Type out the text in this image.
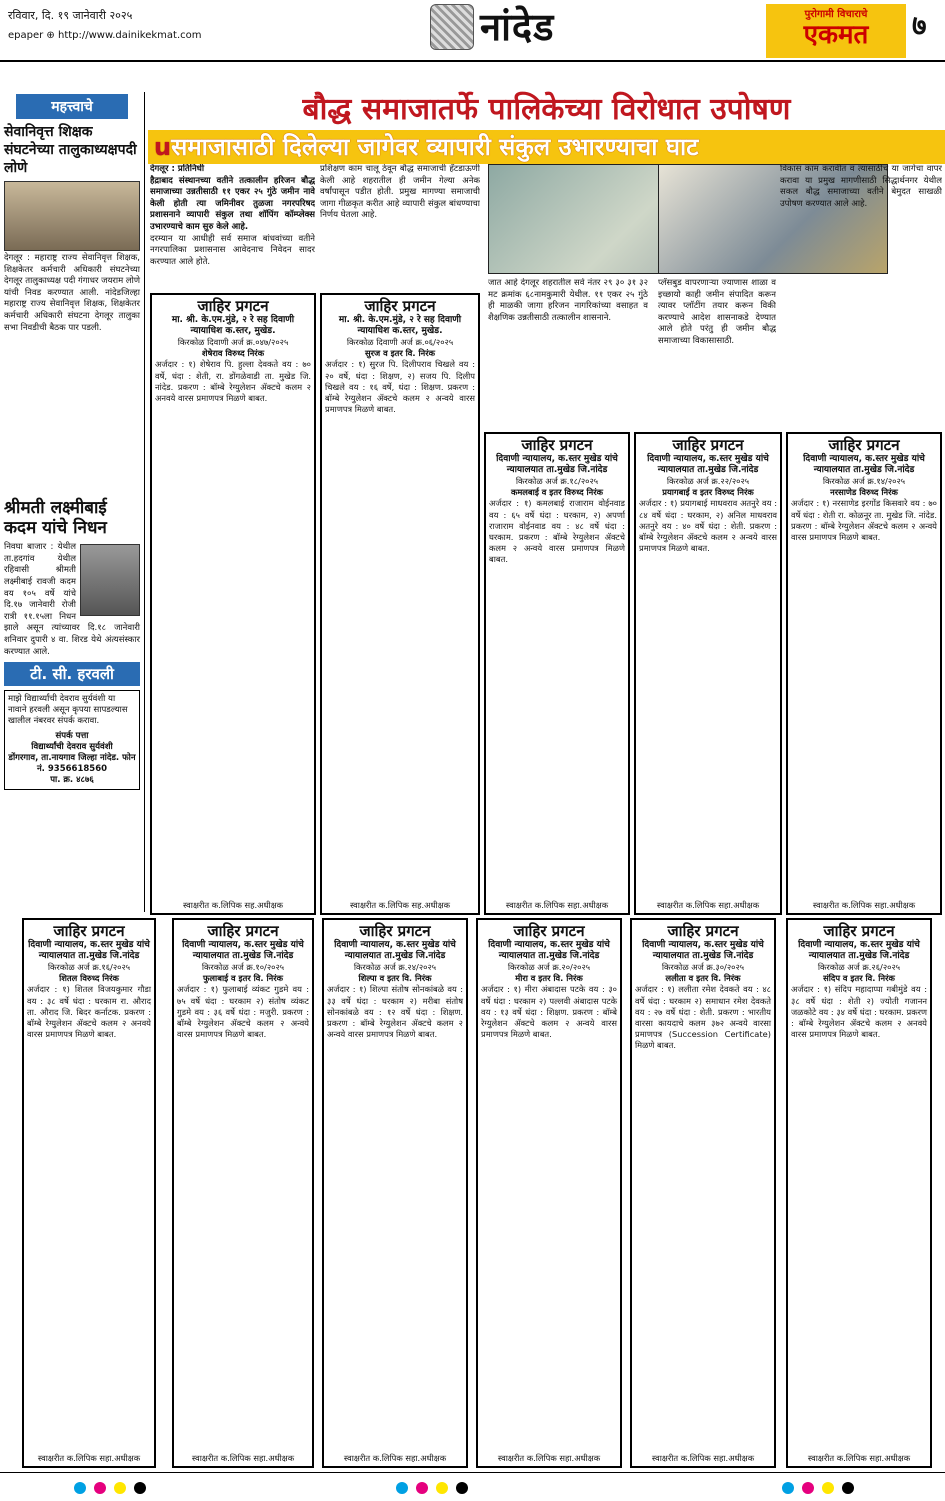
रविवार, दि. १९ जानेवारी २०२५
epaper ⊕ http://www.dainikekmat.com	नांदेड	पुरोगामी विचाराचे
एकमत	७
महत्त्वाचे
सेवानिवृत्त शिक्षक संघटनेच्या तालुकाध्यक्षपदी लोणे
देगलूर : महाराष्ट्र राज्य सेवानिवृत्त शिक्षक, शिक्षकेतर कर्मचारी अधिकारी संघटनेच्या देगलूर तालुकाध्यक्ष पदी गंगाधर जयराम लोणे यांची निवड करण्यात आली. नांदेडजिल्हा महाराष्ट्र राज्य सेवानिवृत्त शिक्षक, शिक्षकेतर कर्मचारी अधिकारी संघटना देगलूर तालुका सभा निवडीची बैठक पार पडली.
श्रीमती लक्ष्मीबाई कदम यांचे निधन
निवघा बाजार : येथील ता.हदगांव येथील रहिवासी श्रीमती लक्ष्मीबाई रावजी कदम वय १०५ वर्षे यांचे दि.१७ जानेवारी रोजी रात्री ११.१५ला निधन झाले असून त्यांच्यावर दि.१८ जानेवारी शनिवार दुपारी ४ वा. शिरड येथे अंत्यसंस्कार करण्यात आले.
टी. सी. हरवली
माझे विद्यार्थ्यांची देवराव सुर्यवंशी या नावाने हरवली असून कृपया सापडल्यास खालील नंबरवर संपर्क करावा.
संपर्क पत्ता
विद्यार्थ्यांची देवराव सुर्यवंशी
डोंगरगाव, ता.नायगाव जिल्हा नांदेड. फोन नं. 9356618560
पा. क्र. ४८७६
बौद्ध समाजातर्फे पालिकेच्या विरोधात उपोषण
uसमाजासाठी दिलेल्या जागेवर व्यापारी संकुल उभारण्याचा घाट
देगलूर : प्रतिनिधी
हैद्राबाद संस्थानच्या वतीने तत्कालीन हरिजन बौद्ध समाजाच्या उन्नतीसाठी ११ एकर २५ गुंठे जमीन नावे केली होती त्या जमिनीवर तुळजा नगरपरिषद प्रशासनाने व्यापारी संकुल तथा शॉपिंग कॉम्प्लेक्स उभारण्याचे काम सुरु केले आहे.
दरम्यान या आधीही सर्व समाज बांधवांच्या वतीने नगरपालिका प्रशासनास आवेदनाच निवेदन सादर करण्यात आले होते.
प्रशिक्षण काम चालू ठेवून बौद्ध समाजाची हॅटडाऊणी केली आहे शहरातील ही जमीन गेल्या अनेक वर्षांपासून पडीत होती. प्रमुख मागण्या समाजाची जागा गीळकृत करीत आहे व्यापारी संकुल बांधण्याचा निर्णय घेतला आहे.
जात आहे देगलूर शहरातील सर्व नंतर २९ ३० ३१ ३२ मट क्रमांक ६८नामकुमारी येथील. ११ एकर २५ गुंठे ही माळकी जागा हरिजन नागरिकांच्या वसाहत व शैक्षणिक उन्नतीसाठी तत्कालीन शासनाने.
प्लॅसबुड वापरणाऱ्या ज्याणास शाळा व इच्छायोे काही जमीन संपादित करून त्यावर प्लॉटींग तयार करून विकी करण्याचे आदेश शासनाकडे देण्यात आले होते परंतु ही जमीन बौद्ध समाजाच्या विकासासाठी.
विकास काम करावीत व त्यासाठीच या जागेचा वापर करावा या प्रमुख मागणीसाठी सिद्धार्थनगर येथील सकल बौद्ध समाजाच्या वतीने बेमुदत साखळी उपोषण करण्यात आले आहे.
जाहिर प्रगटन
मा. श्री. के.एम.मुंडे, २ रे सह दिवाणी न्यायाधिश क.स्तर, मुखेड.
किरकोळ दिवाणी अर्ज क्र.०४७/२०२५
शेषेराव विरुध्द निरंक
अर्जदार : १) शेषेराव पि. हुल्ला देवकते वय : ७० वर्षे, धंदा : शेती, रा. डोंगळेवाडी ता. मुखेड जि. नांदेड. प्रकरण : बॉम्बे रेग्युलेशन ॲक्टचे कलम २ अनवये वारस प्रमाणपत्र मिळणे बाबत.
स्वाक्षरीत क.लिपिक सह.अधीक्षक
जाहिर प्रगटन
मा. श्री. के.एम.मुंडे, २ रे सह दिवाणी न्यायाधिश क.स्तर, मुखेड.
किरकोळ दिवाणी अर्ज क्र.०६/२०२५
सुरज व इतर वि. निरंक
अर्जदार : १) सुरज पि. दिलीपराव चिखले वय : २० वर्षे, धंदा : शिक्षण, २) सजय पि. दिलीप चिखले वय : १६ वर्षे, धंदा : शिक्षण. प्रकरण : बॉम्बे रेग्युलेशन ॲक्टचे कलम २ अन्वये वारस प्रमाणपत्र मिळणे बाबत.
स्वाक्षरीत क.लिपिक सह.अधीक्षक
जाहिर प्रगटन
दिवाणी न्यायालय, क.स्तर मुखेड यांचे न्यायालयात ता.मुखेड जि.नांदेड
किरकोळ अर्ज क्र.१८/२०२५
कमलबाई व इतर विरुध्द निरंक
अर्जदार : १) कमलबाई राजाराम वोईनवाड वय : ६५ वर्षे धंदा : घरकाम, २) अपर्णा राजाराम वोईनवाड वय : ४८ वर्षे धंदा : घरकाम. प्रकरण : बॉम्बे रेग्युलेशन ॲक्टचे कलम २ अन्वये वारस प्रमाणपत्र मिळणे बाबत.
स्वाक्षरीत क.लिपिक सहा.अधीक्षक
जाहिर प्रगटन
दिवाणी न्यायालय, क.स्तर मुखेड यांचे न्यायालयात ता.मुखेड जि.नांदेड
किरकोळ अर्ज क्र.२२/२०२५
प्रयागबाई व इतर विरुध्द निरंक
अर्जदार : १) प्रयागबाई माधवराव अतनुरे वय : ८४ वर्षे धंदा : घरकाम, २) अनिल माधवराव अतनुरे वय : ४० वर्षे धंदा : शेती. प्रकरण : बॉम्बे रेग्युलेशन ॲक्टचे कलम २ अन्वये वारस प्रमाणपत्र मिळणे बाबत.
स्वाक्षरीत क.लिपिक सहा.अधीक्षक
जाहिर प्रगटन
दिवाणी न्यायालय, क.स्तर मुखेड यांचे न्यायालयात ता.मुखेड जि.नांदेड
किरकोळ अर्ज क्र.१४/२०२५
नरसाणेड विरुध्द निरंक
अर्जदार : १) नरसाणेड इरगोंड किसवारे वय : ७० वर्षे धंदा : शेती रा. कोळनूर ता. मुखेड जि. नांदेड. प्रकरण : बॉम्बे रेग्युलेशन ॲक्टचे कलम २ अन्वये वारस प्रमाणपत्र मिळणे बाबत.
स्वाक्षरीत क.लिपिक सहा.अधीक्षक
जाहिर प्रगटन
दिवाणी न्यायालय, क.स्तर मुखेड यांचे न्यायालयात ता.मुखेड जि.नांदेड
किरकोळ अर्ज क्र.१६/२०२५
शितल विरुध्द निरंक
अर्जदार : १) शितल विजयकुमार गौडा वय : ३८ वर्षे धंदा : घरकाम रा. औराद ता. औराद जि. बिदर कर्नाटक. प्रकरण : बॉम्बे रेग्युलेशन ॲक्टचे कलम २ अनवये वारस प्रमाणपत्र मिळणे बाबत.
स्वाक्षरीत क.लिपिक सहा.अधीक्षक
जाहिर प्रगटन
दिवाणी न्यायालय, क.स्तर मुखेड यांचे न्यायालयात ता.मुखेड जि.नांदेड
किरकोळ अर्ज क्र.१०/२०२५
फुलाबाई व इतर वि. निरंक
अर्जदार : १) फुलाबाई व्यंकट गुडमे वय : ७५ वर्षे धंदा : घरकाम २) संतोष व्यंकट गुडमे वय : ३६ वर्षे धंदा : मजुरी. प्रकरण : बॉम्बे रेग्युलेशन ॲक्टचे कलम २ अन्वये वारस प्रमाणपत्र मिळणे बाबत.
स्वाक्षरीत क.लिपिक सहा.अधीक्षक
जाहिर प्रगटन
दिवाणी न्यायालय, क.स्तर मुखेड यांचे न्यायालयात ता.मुखेड जि.नांदेड
किरकोळ अर्ज क्र.२४/२०२५
शिल्पा व इतर वि. निरंक
अर्जदार : १) शिल्पा संतोष सोनकांबळे वय : ३३ वर्षे धंदा : घरकाम २) मरीबा संतोष सोनकांबळे वय : १२ वर्षे धंदा : शिक्षण. प्रकरण : बॉम्बे रेग्युलेशन ॲक्टचे कलम २ अन्वये वारस प्रमाणपत्र मिळणे बाबत.
स्वाक्षरीत क.लिपिक सहा.अधीक्षक
जाहिर प्रगटन
दिवाणी न्यायालय, क.स्तर मुखेड यांचे न्यायालयात ता.मुखेड जि.नांदेड
किरकोळ अर्ज क्र.२०/२०२५
मीरा व इतर वि. निरंक
अर्जदार : १) मीरा अंबादास पटके वय : ३० वर्षे धंदा : घरकाम २) पल्लवी अंबादास पटके वय : १३ वर्षे धंदा : शिक्षण. प्रकरण : बॉम्बे रेग्युलेशन ॲक्टचे कलम २ अन्वये वारस प्रमाणपत्र मिळणे बाबत.
स्वाक्षरीत क.लिपिक सहा.अधीक्षक
जाहिर प्रगटन
दिवाणी न्यायालय, क.स्तर मुखेड यांचे न्यायालयात ता.मुखेड जि.नांदेड
किरकोळ अर्ज क्र.३०/२०२५
ललीता व इतर वि. निरंक
अर्जदार : १) ललीता रमेश देवकते वय : ४८ वर्षे धंदा : घरकाम २) समाधान रमेश देवकते वय : २७ वर्षे धंदा : शेती. प्रकरण : भारतीय वारसा कायदाचे कलम ३७२ अन्वये वारसा प्रमाणपत्र (Succession Certificate) मिळणे बाबत.
स्वाक्षरीत क.लिपिक सहा.अधीक्षक
जाहिर प्रगटन
दिवाणी न्यायालय, क.स्तर मुखेड यांचे न्यायालयात ता.मुखेड जि.नांदेड
किरकोळ अर्ज क्र.२६/२०२५
संदिप व इतर वि. निरंक
अर्जदार : १) संदिप महादाप्पा गबीमुंडे वय : ३८ वर्षे धंदा : शेती २) ज्योती गजानन जळकोटे वय : ३४ वर्षे धंदा : घरकाम. प्रकरण : बॉम्बे रेग्युलेशन ॲक्टचे कलम २ अनवये वारस प्रमाणपत्र मिळणे बाबत.
स्वाक्षरीत क.लिपिक सहा.अधीक्षक
